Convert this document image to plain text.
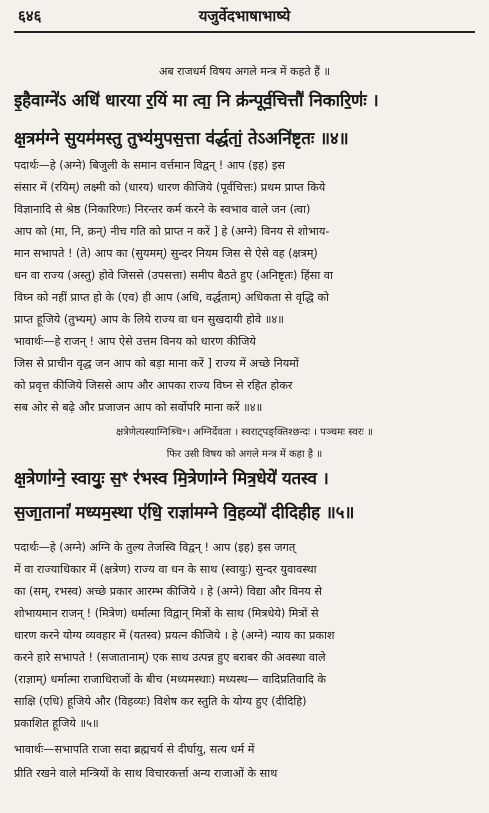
६४६	यजुर्वेदभाषाभाष्ये
अब राजधर्म विषय अगले मन्त्र में कहते हैं ॥
इ॒हैवाग्ने॑ऽ अधि॑ धारया र॒यिं मा त्वा॒ नि क्र॑न्पूर्व॒चित्तौ॑ निकारि॒णः॑ ।
क्ष॒त्रम॑ग्ने सु॒यम॑मस्तु॒ तुभ्य॑मुपस॒त्ता व॑र्द्धतां॒ तेऽअनि॑ष्टृतः ॥४॥
पदार्थः—हे (अग्ने) बिजुली के समान वर्त्तमान विद्वन् ! आप (इह) इस
संसार में (रयिम्) लक्ष्मी को (धारय) धारण कीजिये (पूर्वचित्तः) प्रथम प्राप्त किये
विज्ञानादि से श्रेष्ठ (निकारिणः) निरन्तर कर्म करने के स्वभाव वाले जन (त्वा)
आप को (मा, नि, क्रन्) नीच गति को प्राप्त न करें ] हे (अग्ने) विनय से शोभाय-
मान सभापते ! (ते) आप का (सुयमम्) सुन्दर नियम जिस से ऐसे वह (क्षत्रम्)
धन वा राज्य (अस्तु) होवे जिससे (उपसत्ता) समीप बैठते हुए (अनिष्टृतः) हिंसा वा
विघ्न को नहीं प्राप्त हो के (एव) ही आप (अधि, वर्द्धताम्) अधिकता से वृद्धि को
प्राप्त हूजिये (तुभ्यम्) आप के लिये राज्य वा धन सुखदायी होवे ॥४॥
भावार्थः—हे राजन् ! आप ऐसे उत्तम विनय को धारण कीजिये
जिस से प्राचीन वृद्ध जन आप को बड़ा माना करें ] राज्य में अच्छे नियमों
को प्रवृत्त कीजिये जिससे आप और आपका राज्य विघ्न से रहित होकर
सब ओर से बढ़े और प्रजाजन आप को सर्वोपरि माना करें ॥४॥
क्षत्रेणेत्यस्याग्निश्र्चि॰। अग्निर्देवता । स्वराट्पङ्क्तिश्छन्दः । पञ्चमः स्वरः ॥
फिर उसी विषय को अगले मन्त्र में कहा है ॥
क्ष॒त्रेणा॑ग्ने॒ स्वायुः॒ स॒ꣳ र॑भस्व मि॒त्रेणा॑ग्ने मित्र॒धेये॑ यतस्व ।
स॒जा॒तानां॑ मध्यम॒स्था ए॑धि॒ राज्ञा॑मग्ने वि॒हव्यो॑ दीदिही॒ह ॥५॥
पदार्थः—हे (अग्ने) अग्नि के तुल्य तेजस्वि विद्वन् ! आप (इह) इस जगत्
में वा राज्याधिकार में (क्षत्रेण) राज्य वा धन के साथ (स्वायुः) सुन्दर युवावस्था
का (सम्, रभस्व) अच्छे प्रकार आरम्भ कीजिये । हे (अग्ने) विद्या और विनय से
शोभायमान राजन् ! (मित्रेण) धर्मात्मा विद्वान् मित्रों के साथ (मित्रधेये) मित्रों से
धारण करने योग्य व्यवहार में (यतस्व) प्रयत्न कीजिये । हे (अग्ने) न्याय का प्रकाश
करने हारे सभापते ! (सजातानाम्) एक साथ उत्पन्न हुए बराबर की अवस्था वाले
(राज्ञाम्) धर्मात्मा राजाधिराजों के बीच (मध्यमस्थाः) मध्यस्थ— वादिप्रतिवादि के
साक्षि (एधि) हूजिये और (विहव्यः) विशेष कर स्तुति के योग्य हुए (दीदिहि)
प्रकाशित हूजिये ॥५॥
भावार्थः—सभापति राजा सदा ब्रह्मचर्य से दीर्घायु, सत्य धर्म में
प्रीति रखने वाले मन्त्रियों के साथ विचारकर्त्ता अन्य राजाओं के साथ
